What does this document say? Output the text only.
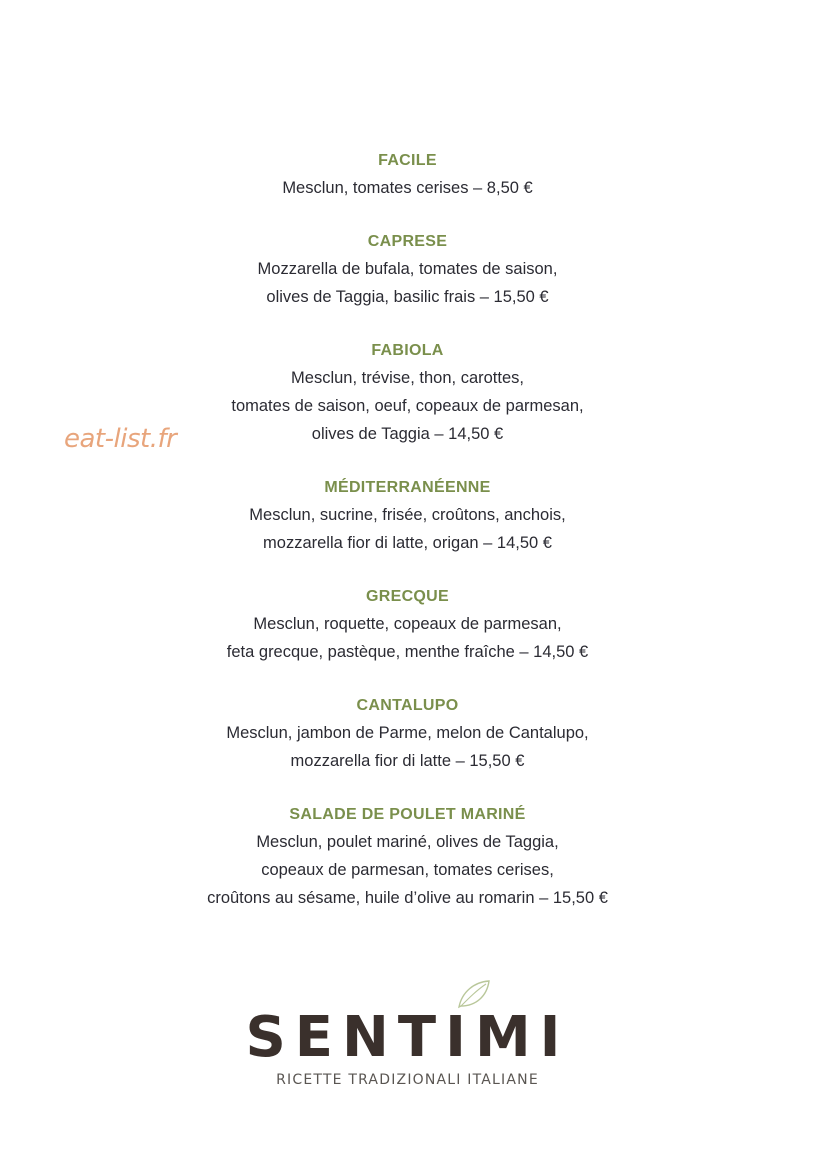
eat-list.fr
FACILE
Mesclun, tomates cerises – 8,50 €
CAPRESE
Mozzarella de bufala, tomates de saison,
olives de Taggia, basilic frais – 15,50 €
FABIOLA
Mesclun, trévise, thon, carottes,
tomates de saison, oeuf, copeaux de parmesan,
olives de Taggia – 14,50 €
MÉDITERRANÉENNE
Mesclun, sucrine, frisée, croûtons, anchois,
mozzarella fior di latte, origan – 14,50 €
GRECQUE
Mesclun, roquette, copeaux de parmesan,
feta grecque, pastèque, menthe fraîche – 14,50 €
CANTALUPO
Mesclun, jambon de Parme, melon de Cantalupo,
mozzarella fior di latte – 15,50 €
SALADE DE POULET MARINÉ
Mesclun, poulet mariné, olives de Taggia,
copeaux de parmesan, tomates cerises,
croûtons au sésame, huile d’olive au romarin – 15,50 €
SENTIMI
RICETTE TRADIZIONALI ITALIANE
